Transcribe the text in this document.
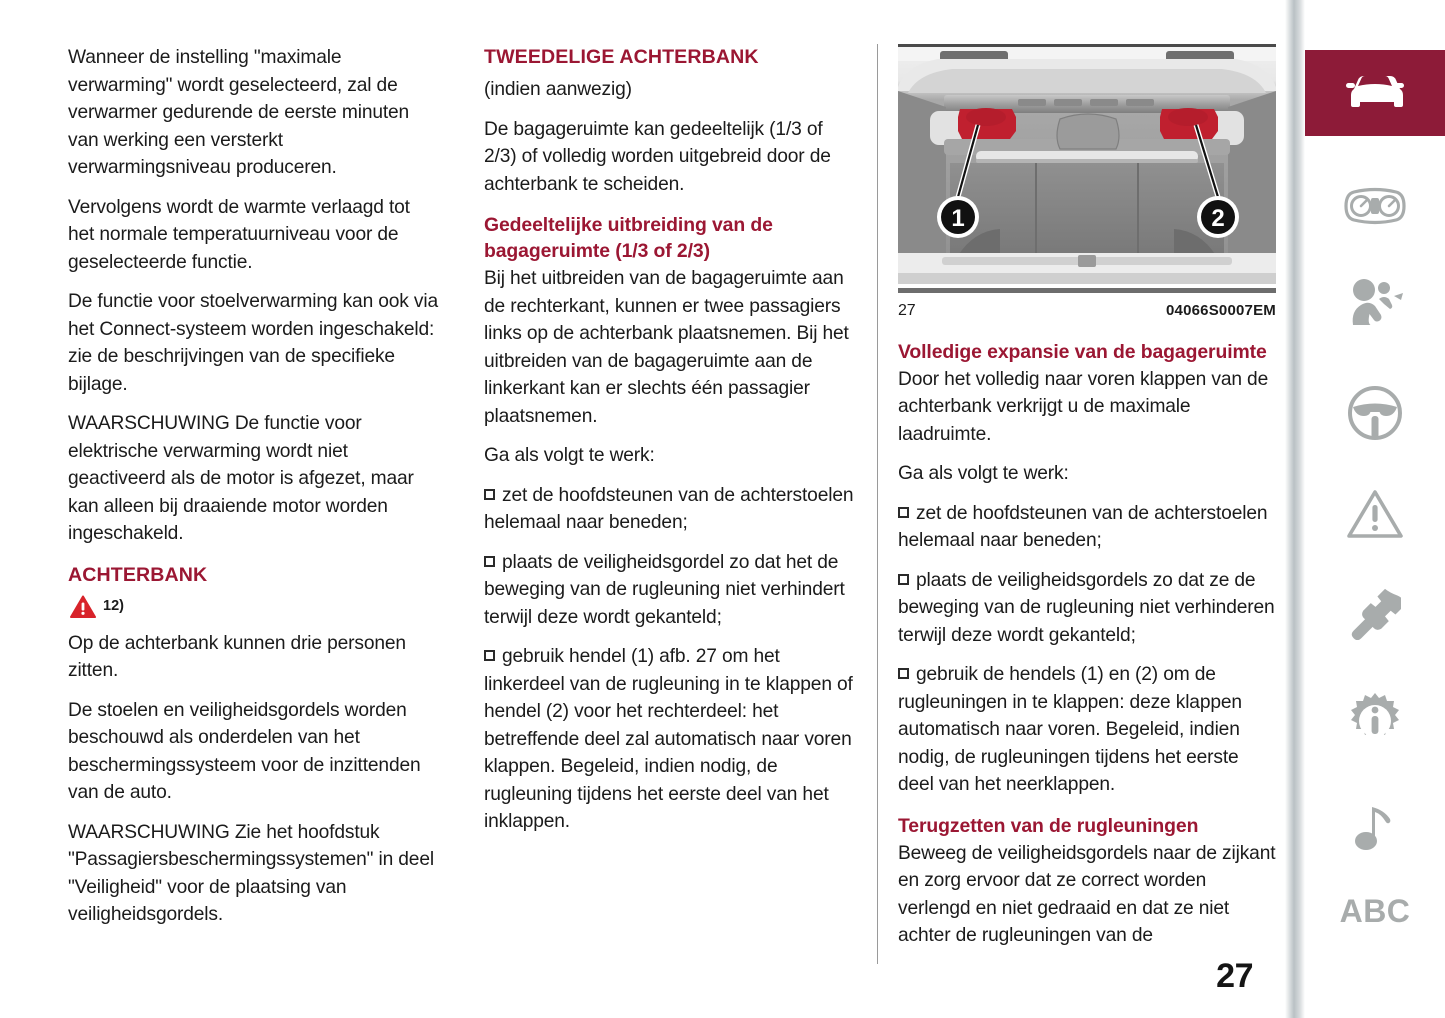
Wanneer de instelling "maximale verwarming" wordt geselecteerd, zal de verwarmer gedurende de eerste minuten van werking een versterkt verwarmingsniveau produceren.

Vervolgens wordt de warmte verlaagd tot het normale temperatuurniveau voor de geselecteerde functie.

De functie voor stoelverwarming kan ook via het Connect-systeem worden ingeschakeld: zie de beschrijvingen van de specifieke bijlage.

WAARSCHUWING De functie voor elektrische verwarming wordt niet geactiveerd als de motor is afgezet, maar kan alleen bij draaiende motor worden ingeschakeld.

ACHTERBANK
12)

Op de achterbank kunnen drie personen zitten.

De stoelen en veiligheidsgordels worden beschouwd als onderdelen van het beschermingssysteem voor de inzittenden van de auto.

WAARSCHUWING Zie het hoofdstuk "Passagiersbeschermingssystemen" in deel "Veiligheid" voor de plaatsing van veiligheidsgordels.

TWEEDELIGE ACHTERBANK

(indien aanwezig)

De bagageruimte kan gedeeltelijk (1/3 of 2/3) of volledig worden uitgebreid door de achterbank te scheiden.

Gedeeltelijke uitbreiding van de bagageruimte (1/3 of 2/3)

Bij het uitbreiden van de bagageruimte aan de rechterkant, kunnen er twee passagiers links op de achterbank plaatsnemen. Bij het uitbreiden van de bagageruimte aan de linkerkant kan er slechts één passagier plaatsnemen.

Ga als volgt te werk:

zet de hoofdsteunen van de achterstoelen helemaal naar beneden;

plaats de veiligheidsgordel zo dat het de beweging van de rugleuning niet verhindert terwijl deze wordt gekanteld;

gebruik hendel (1) afb. 27 om het linkerdeel van de rugleuning in te klappen of hendel (2) voor het rechterdeel: het betreffende deel zal automatisch naar voren klappen. Begeleid, indien nodig, de rugleuning tijdens het eerste deel van het inklappen.

1	2
27	04066S0007EM
Volledige expansie van de bagageruimte

Door het volledig naar voren klappen van de achterbank verkrijgt u de maximale laadruimte.

Ga als volgt te werk:

zet de hoofdsteunen van de achterstoelen helemaal naar beneden;

plaats de veiligheidsgordels zo dat ze de beweging van de rugleuning niet verhinderen terwijl deze wordt gekanteld;

gebruik de hendels (1) en (2) om de rugleuningen in te klappen: deze klappen automatisch naar voren. Begeleid, indien nodig, de rugleuningen tijdens het eerste deel van het neerklappen.

Terugzetten van de rugleuningen

Beweeg de veiligheidsgordels naar de zijkant en zorg ervoor dat ze correct worden verlengd en niet gedraaid en dat ze niet achter de rugleuningen van de

27
ABC
